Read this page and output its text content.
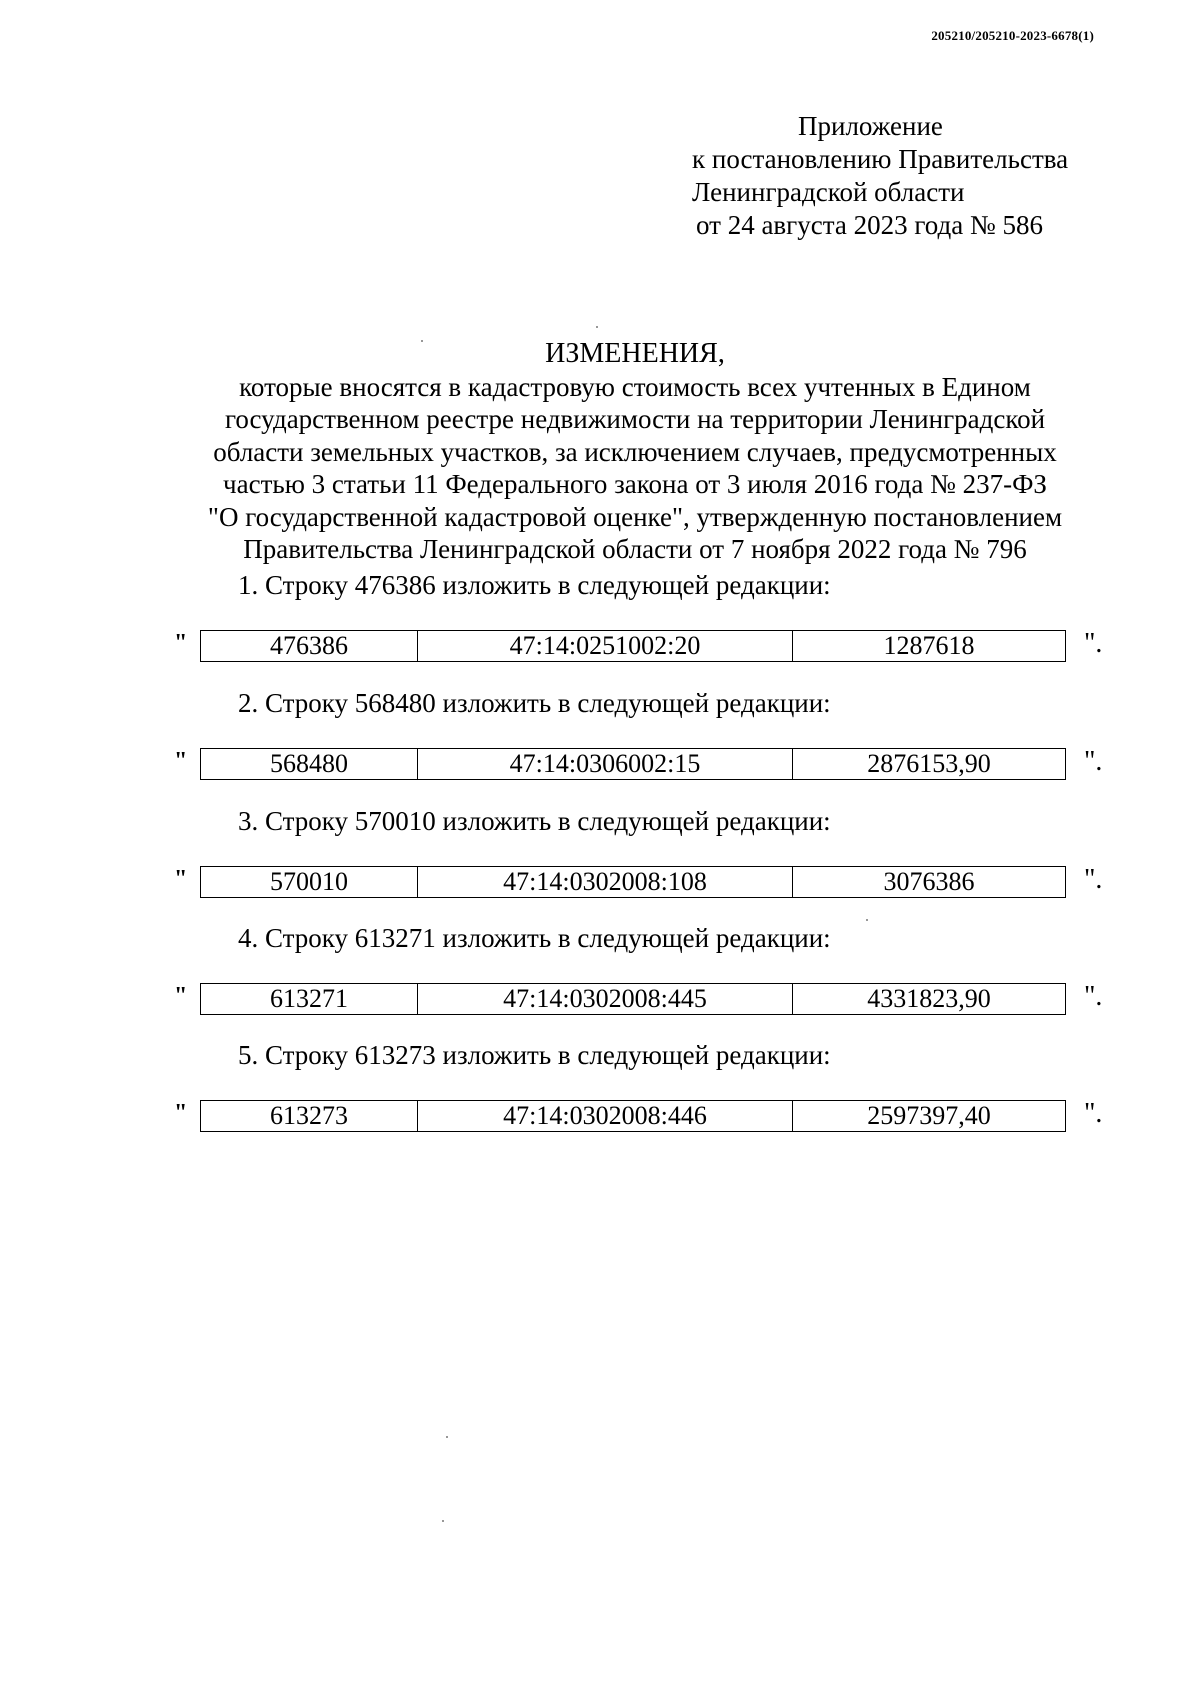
205210/205210-2023-6678(1)
Приложение
к постановлению Правительства
Ленинградской области
от 24 августа 2023 года № 586
ИЗМЕНЕНИЯ,
которые вносятся в кадастровую стоимость всех учтенных в Едином
государственном реестре недвижимости на территории Ленинградской
области земельных участков, за исключением случаев, предусмотренных
частью 3 статьи 11 Федерального закона от 3 июля 2016 года № 237-ФЗ
"О государственной кадастровой оценке", утвержденную постановлением
Правительства Ленинградской области от 7 ноября 2022 года № 796
1. Строку 476386 изложить в следующей редакции:
"	476386	47:14:0251002:20	1287618	".
2. Строку 568480 изложить в следующей редакции:
"	568480	47:14:0306002:15	2876153,90	".
3. Строку 570010 изложить в следующей редакции:
"	570010	47:14:0302008:108	3076386	".
4. Строку 613271 изложить в следующей редакции:
"	613271	47:14:0302008:445	4331823,90	".
5. Строку 613273 изложить в следующей редакции:
"	613273	47:14:0302008:446	2597397,40	".
